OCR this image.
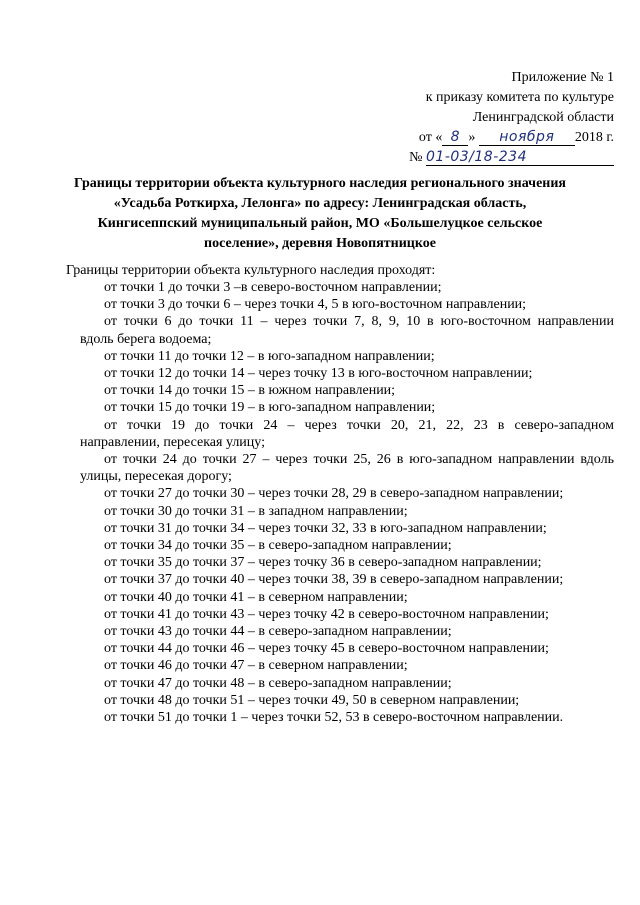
Приложение № 1
к приказу комитета по культуре
Ленинградской области
от « 8 » ноября 2018 г.
№ 01-03/18-234
Границы территории объекта культурного наследия регионального значения
«Усадьба Роткирха, Лелонга» по адресу: Ленинградская область,
Кингисеппский муниципальный район, МО «Большелуцкое сельское
поселение», деревня Новопятницкое
Границы территории объекта культурного наследия проходят:
от точки 1 до точки 3 –в северо-восточном направлении;
от точки 3 до точки 6 – через точки 4, 5 в юго-восточном направлении;
от точки 6 до точки 11 – через точки 7, 8, 9, 10 в юго-восточном направлении
вдоль берега водоема;
от точки 11 до точки 12 – в юго-западном направлении;
от точки 12 до точки 14 – через точку 13 в юго-восточном направлении;
от точки 14 до точки 15 – в южном направлении;
от точки 15 до точки 19 – в юго-западном направлении;
от точки 19 до точки 24 – через точки 20, 21, 22, 23 в северо-западном
направлении, пересекая улицу;
от точки 24 до точки 27 – через точки 25, 26 в юго-западном направлении вдоль
улицы, пересекая дорогу;
от точки 27 до точки 30 – через точки 28, 29 в северо-западном направлении;
от точки 30 до точки 31 – в западном направлении;
от точки 31 до точки 34 – через точки 32, 33 в юго-западном направлении;
от точки 34 до точки 35 – в северо-западном направлении;
от точки 35 до точки 37 – через точку 36 в северо-западном направлении;
от точки 37 до точки 40 – через точки 38, 39 в северо-западном направлении;
от точки 40 до точки 41 – в северном направлении;
от точки 41 до точки 43 – через точку 42 в северо-восточном направлении;
от точки 43 до точки 44 – в северо-западном направлении;
от точки 44 до точки 46 – через точку 45 в северо-восточном направлении;
от точки 46 до точки 47 – в северном направлении;
от точки 47 до точки 48 – в северо-западном направлении;
от точки 48 до точки 51 – через точки 49, 50 в северном направлении;
от точки 51 до точки 1 – через точки 52, 53 в северо-восточном направлении.
